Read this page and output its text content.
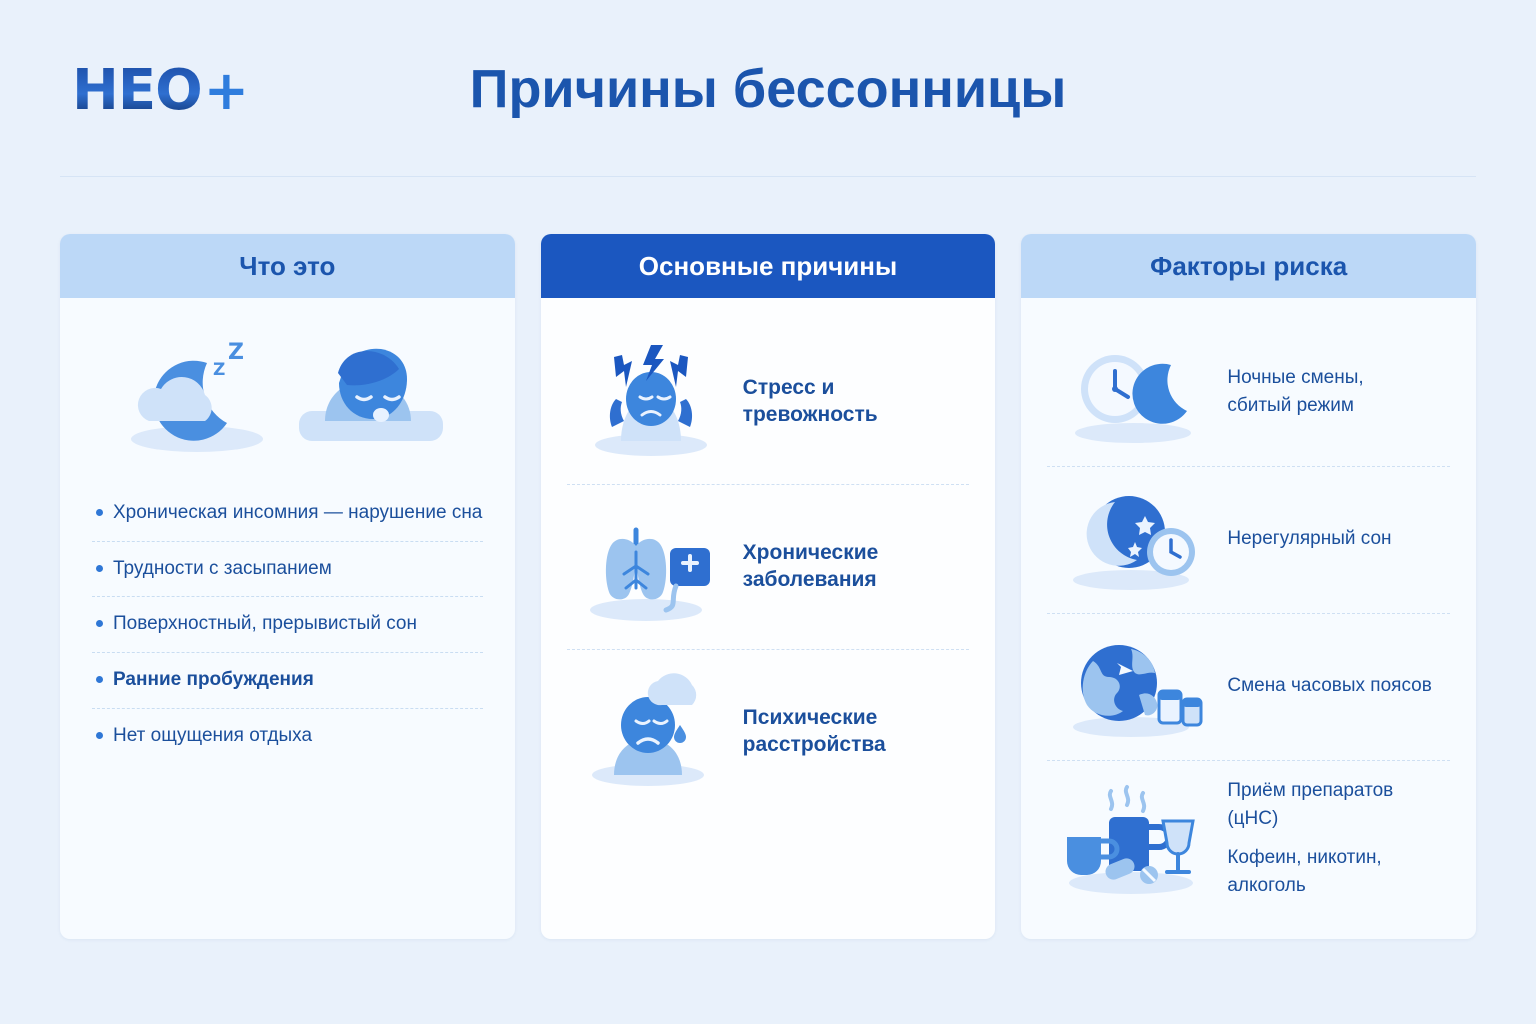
HEO +	Причины бессонницы
Что это
Z
Z
Хроническая инсомния — нарушение сна
Трудности с засыпанием
Поверхностный, прерывистый сон
Ранние пробуждения
Нет ощущения отдыха
Основные причины
Стресс и тревожность
Хронические заболевания
Психические расстройства
Факторы риска
Ночные смены,
сбитый режим
Нерегулярный сон
Смена часовых поясов
Приём препаратов (цНС)
Кофеин, никотин,
алкоголь
